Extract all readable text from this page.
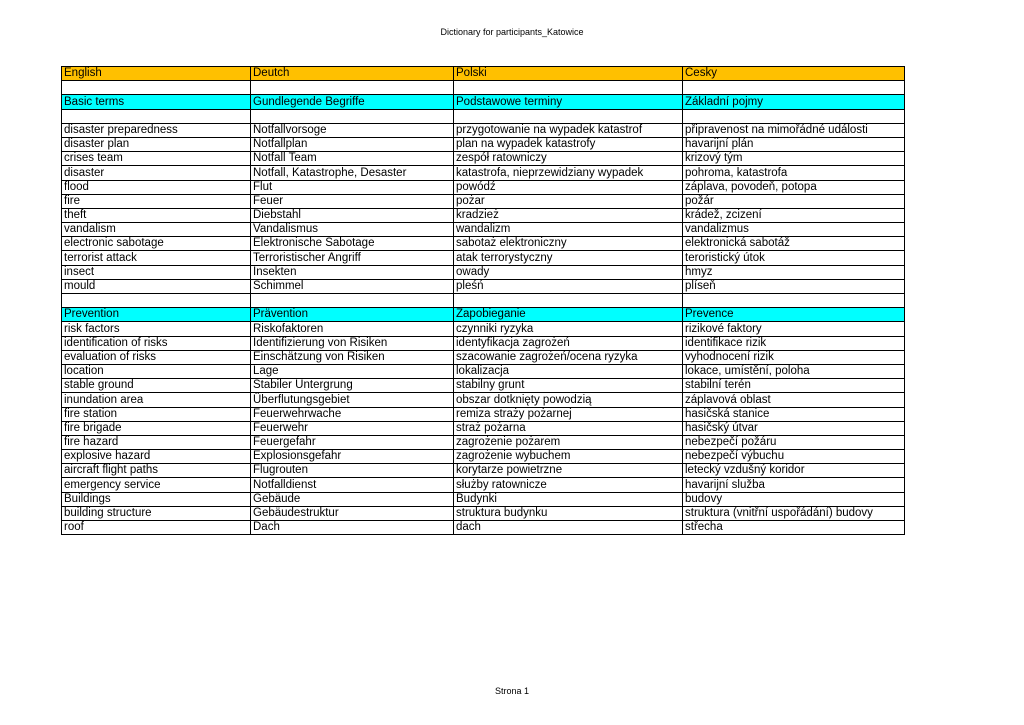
Dictionary for participants_Katowice
English	Deutch	Polski	Česky

Basic terms	Gundlegende Begriffe	Podstawowe terminy	Základní pojmy

disaster preparedness	Notfallvorsoge	przygotowanie na wypadek katastrof	připravenost na mimořádné události
disaster plan	Notfallplan	plan na wypadek katastrofy	havarijní plán
crises team	Notfall Team	zespół ratowniczy	krizový tým
disaster	Notfall, Katastrophe, Desaster	katastrofa, nieprzewidziany wypadek	pohroma, katastrofa
flood	Flut	powódź	záplava, povodeň, potopa
fire	Feuer	pożar	požár
theft	Diebstahl	kradzież	krádež, zcizení
vandalism	Vandalismus	wandalizm	vandalizmus
electronic sabotage	Elektronische Sabotage	sabotaż elektroniczny	elektronická sabotáž
terrorist attack	Terroristischer Angriff	atak terrorystyczny	teroristický útok
insect	Insekten	owady	hmyz
mould	Schimmel	pleśń	plíseň

Prevention	Prävention	Zapobieganie	Prevence
risk factors	Riskofaktoren	czynniki ryzyka	rizikové faktory
identification of risks	Identifizierung von Risiken	identyfikacja zagrożeń	identifikace rizik
evaluation of risks	Einschätzung von Risiken	szacowanie zagrożeń/ocena ryzyka	vyhodnocení rizik
location	Lage	lokalizacja	lokace, umístění, poloha
stable ground	Stabiler Untergrung	stabilny grunt	stabilní terén
inundation area	Überflutungsgebiet	obszar dotknięty powodzią	záplavová oblast
fire station	Feuerwehrwache	remiza straży pożarnej	hasičská stanice
fire brigade	Feuerwehr	straż pożarna	hasičský útvar
fire hazard	Feuergefahr	zagrożenie pożarem	nebezpečí požáru
explosive hazard	Explosionsgefahr	zagrożenie wybuchem	nebezpečí výbuchu
aircraft flight paths	Flugrouten	korytarze powietrzne	letecký vzdušný koridor
emergency service	Notfalldienst	służby ratownicze	havarijní služba
Buildings	Gebäude	Budynki	budovy
building structure	Gebäudestruktur	struktura budynku	struktura (vnitřní uspořádání) budovy
roof	Dach	dach	střecha
Strona 1
